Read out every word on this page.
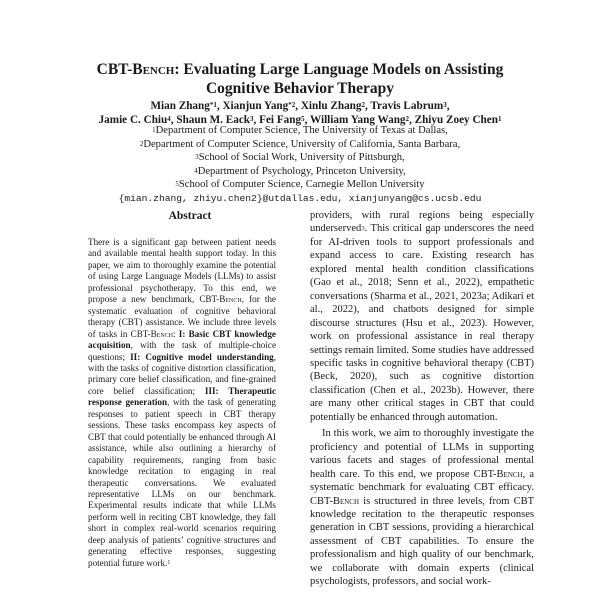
CBT-Bench: Evaluating Large Language Models on Assisting
Cognitive Behavior Therapy
Mian Zhang$^{*1}$, Xianjun Yang$^{*2}$, Xinlu Zhang$^2$, Travis Labrum$^3$,
Jamie C. Chiu$^4$, Shaun M. Eack$^3$, Fei Fang$^5$, William Yang Wang$^2$, Zhiyu Zoey Chen$^1$
$^1$Department of Computer Science, The University of Texas at Dallas,
$^2$Department of Computer Science, University of California, Santa Barbara,
$^3$School of Social Work, University of Pittsburgh,
$^4$Department of Psychology, Princeton University,
$^5$School of Computer Science, Carnegie Mellon University
{mian.zhang, zhiyu.chen2}@utdallas.edu, xianjunyang@cs.ucsb.edu
Abstract
There is a significant gap between patient needs and available mental health support today. In this paper, we aim to thoroughly examine the potential of using Large Language Models (LLMs) to assist professional psychotherapy. To this end, we propose a new benchmark, CBT-Bench, for the systematic evaluation of cognitive behavioral therapy (CBT) assistance. We include three levels of tasks in CBT-Bench: I: Basic CBT knowledge acquisition, with the task of multiple-choice questions; II: Cognitive model understanding, with the tasks of cognitive distortion classification, primary core belief classification, and fine-grained core belief classification; III: Therapeutic response generation, with the task of generating responses to patient speech in CBT therapy sessions. These tasks encompass key aspects of CBT that could potentially be enhanced through AI assistance, while also outlining a hierarchy of capability requirements, ranging from basic knowledge recitation to engaging in real therapeutic conversations. We evaluated representative LLMs on our benchmark. Experimental results indicate that while LLMs perform well in reciting CBT knowledge, they fall short in complex real-world scenarios requiring deep analysis of patients’ cognitive structures and generating effective responses, suggesting potential future work.$^1$

providers, with rural regions being especially underserved$^3$. This critical gap underscores the need for AI-driven tools to support professionals and expand access to care. Existing research has explored mental health condition classifications (Gao et al., 2018; Senn et al., 2022), empathetic conversations (Sharma et al., 2021, 2023a; Adikari et al., 2022), and chatbots designed for simple discourse structures (Hsu et al., 2023). However, work on professional assistance in real therapy settings remain limited. Some studies have addressed specific tasks in cognitive behavioral therapy (CBT) (Beck, 2020), such as cognitive distortion classification (Chen et al., 2023b). However, there are many other critical stages in CBT that could potentially be enhanced through automation.

In this work, we aim to thoroughly investigate the proficiency and potential of LLMs in supporting various facets and stages of professional mental health care. To this end, we propose CBT-Bench, a systematic benchmark for evaluating CBT efficacy. CBT-Bench is structured in three levels, from CBT knowledge recitation to the therapeutic responses generation in CBT sessions, providing a hierarchical assessment of CBT capabilities. To ensure the professionalism and high quality of our benchmark, we collaborate with domain experts (clinical psychologists, professors, and social work-
